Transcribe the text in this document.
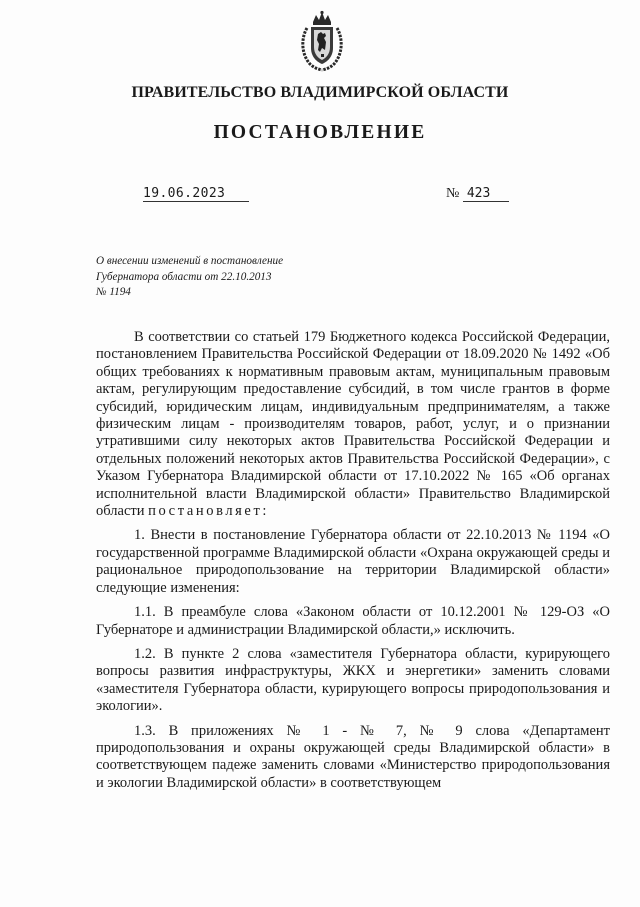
ПРАВИТЕЛЬСТВО ВЛАДИМИРСКОЙ ОБЛАСТИ
ПОСТАНОВЛЕНИЕ
19.06.2023	№ 423
О внесении изменений в постановление
Губернатора области от 22.10.2013
№ 1194

В соответствии со статьей 179 Бюджетного кодекса Российской Федерации, постановлением Правительства Российской Федерации от 18.09.2020 № 1492 «Об общих требованиях к нормативным правовым актам, муниципальным правовым актам, регулирующим предоставление субсидий, в том числе грантов в форме субсидий, юридическим лицам, индивидуальным предпринимателям, а также физическим лицам - производителям товаров, работ, услуг, и о признании утратившими силу некоторых актов Правительства Российской Федерации и отдельных положений некоторых актов Правительства Российской Федерации», с Указом Губернатора Владимирской области от 17.10.2022 № 165 «Об органах исполнительной власти Владимирской области» Правительство Владимирской области постановляет:

1. Внести в постановление Губернатора области от 22.10.2013 № 1194 «О государственной программе Владимирской области «Охрана окружающей среды и рациональное природопользование на территории Владимирской области» следующие изменения:

1.1. В преамбуле слова «Законом области от 10.12.2001 № 129-ОЗ «О Губернаторе и администрации Владимирской области,» исключить.

1.2. В пункте 2 слова «заместителя Губернатора области, курирующего вопросы развития инфраструктуры, ЖКХ и энергетики» заменить словами «заместителя Губернатора области, курирующего вопросы природопользования и экологии».

1.3. В приложениях № 1 - № 7, № 9 слова «Департамент природопользования и охраны окружающей среды Владимирской области» в соответствующем падеже заменить словами «Министерство природопользования и экологии Владимирской области» в соответствующем
